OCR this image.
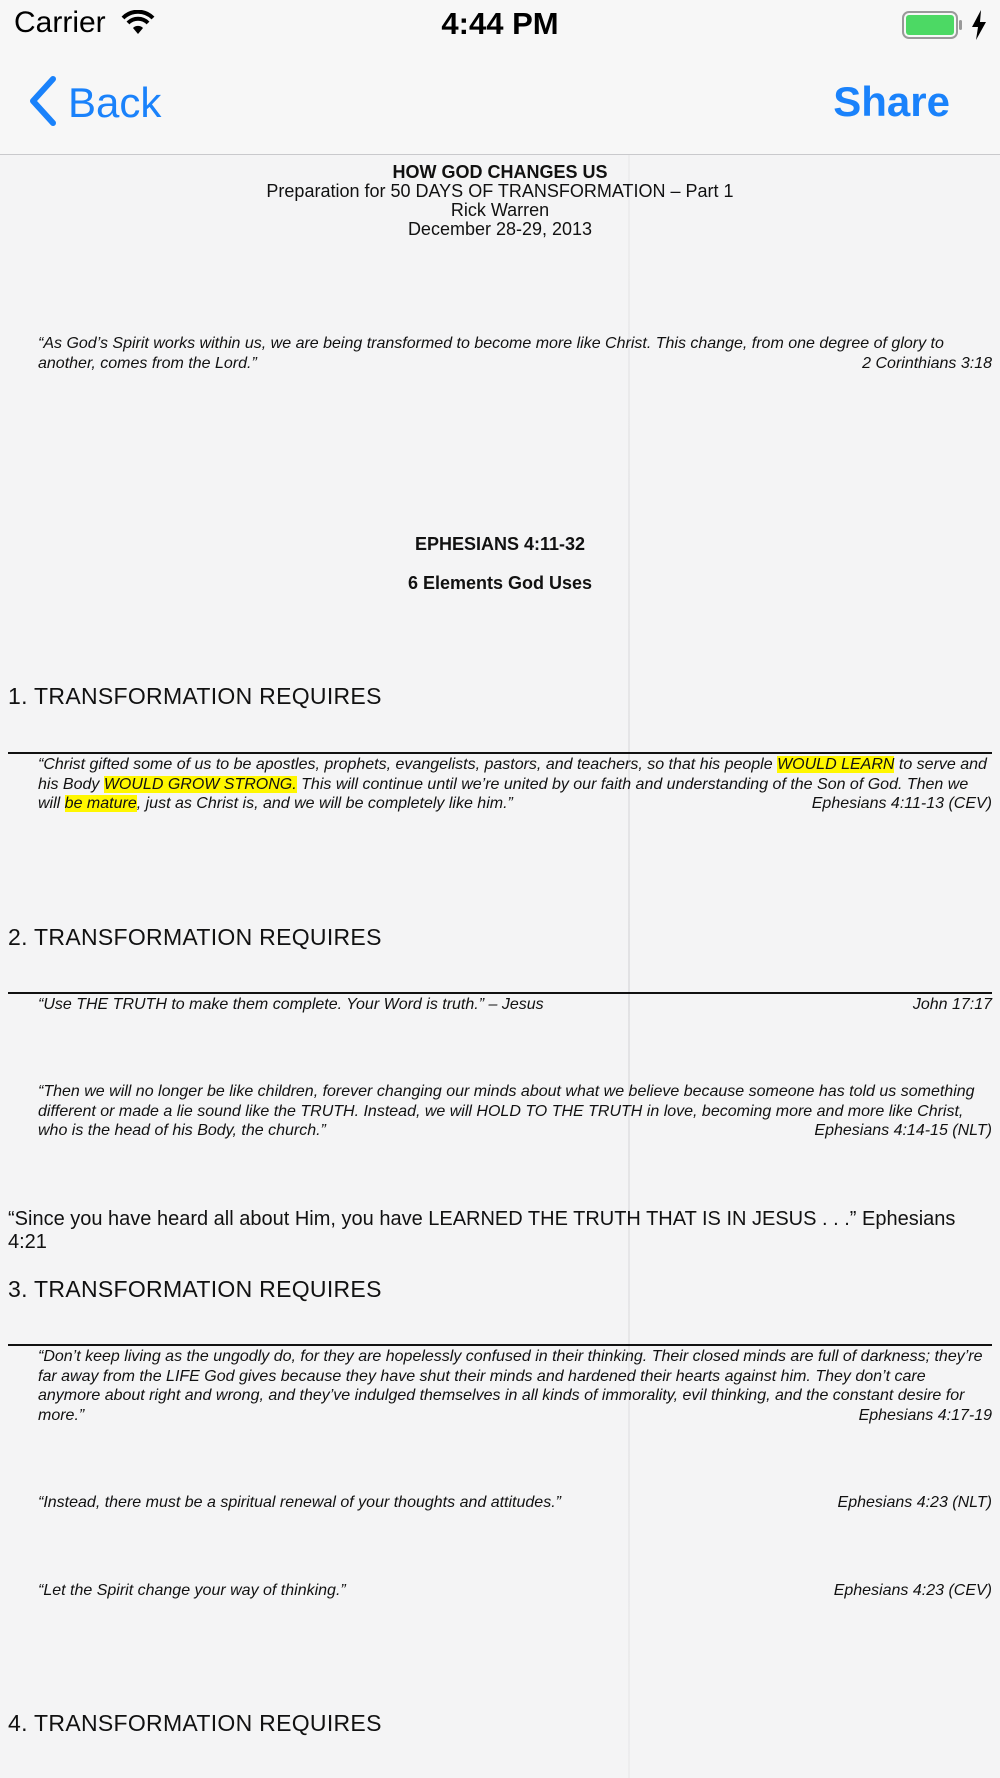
Carrier	4:44 PM
Back	Share
HOW GOD CHANGES US
Preparation for 50 DAYS OF TRANSFORMATION – Part 1
Rick Warren
December 28-29, 2013
“As God’s Spirit works within us, we are being transformed to become more like Christ. This change, from one degree of glory to another, comes from the Lord.”	2 Corinthians 3:18
EPHESIANS 4:11-32
6 Elements God Uses
1. TRANSFORMATION REQUIRES
“Christ gifted some of us to be apostles, prophets, evangelists, pastors, and teachers, so that his people WOULD LEARN to serve and his Body WOULD GROW STRONG. This will continue until we’re united by our faith and understanding of the Son of God. Then we will be mature, just as Christ is, and we will be completely like him.”	Ephesians 4:11-13 (CEV)
2. TRANSFORMATION REQUIRES
“Use THE TRUTH to make them complete. Your Word is truth.” – Jesus	John 17:17
“Then we will no longer be like children, forever changing our minds about what we believe because someone has told us something different or made a lie sound like the TRUTH. Instead, we will HOLD TO THE TRUTH in love, becoming more and more like Christ, who is the head of his Body, the church.”	Ephesians 4:14-15 (NLT)
“Since you have heard all about Him, you have LEARNED THE TRUTH THAT IS IN JESUS . . .” Ephesians 4:21
3. TRANSFORMATION REQUIRES
“Don’t keep living as the ungodly do, for they are hopelessly confused in their thinking. Their closed minds are full of darkness; they’re far away from the LIFE God gives because they have shut their minds and hardened their hearts against him. They don’t care anymore about right and wrong, and they’ve indulged themselves in all kinds of immorality, evil thinking, and the constant desire for more.”	Ephesians 4:17-19
“Instead, there must be a spiritual renewal of your thoughts and attitudes.”	Ephesians 4:23 (NLT)
“Let the Spirit change your way of thinking.”	Ephesians 4:23 (CEV)
4. TRANSFORMATION REQUIRES
